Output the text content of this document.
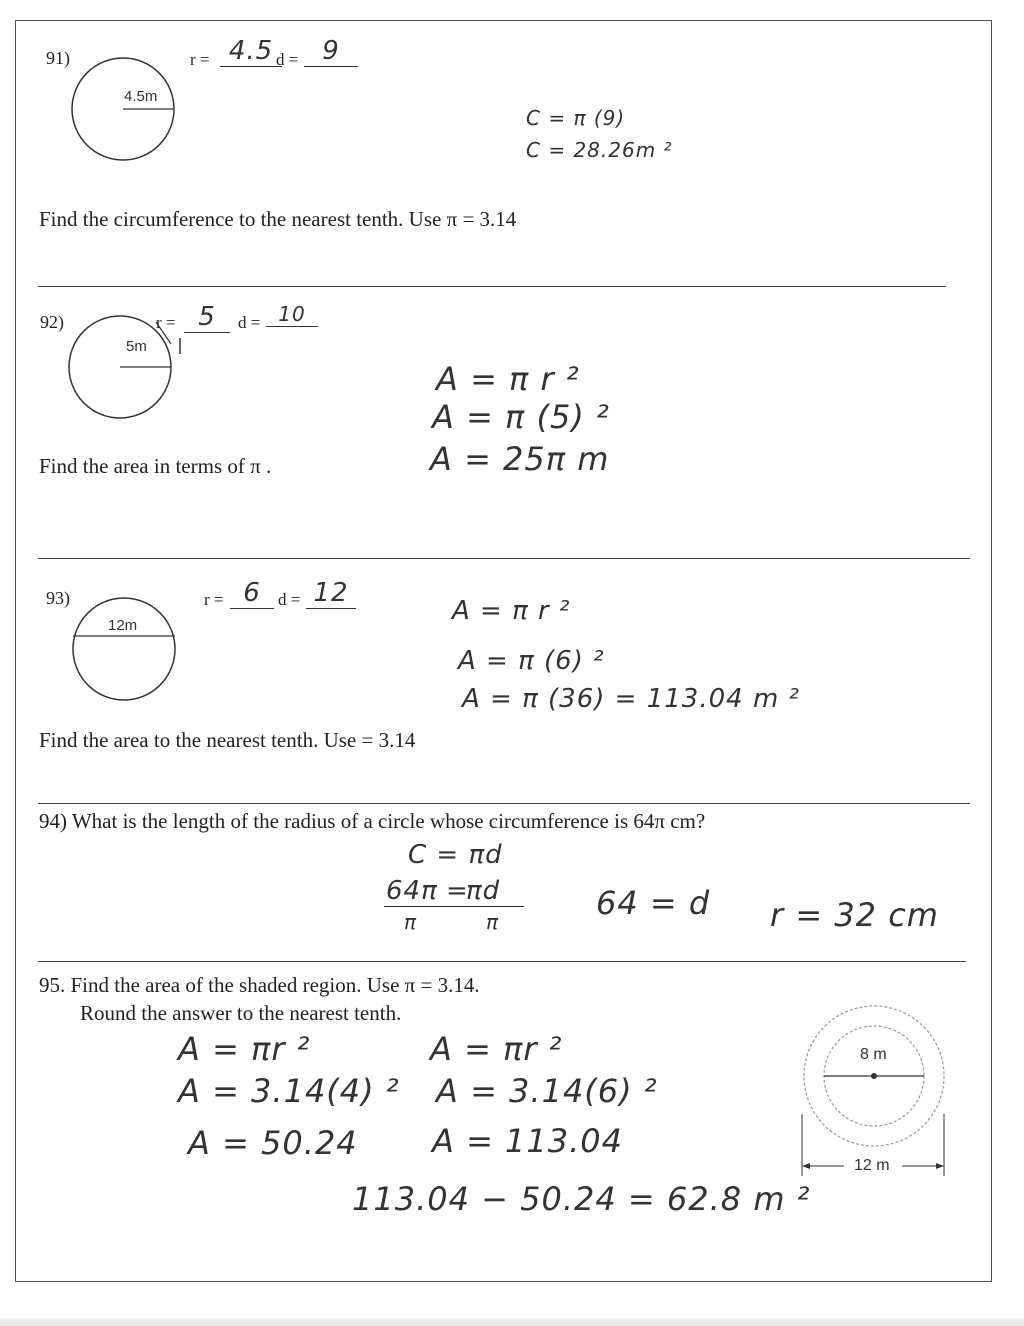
91)
4.5m
r = 4.5 d = 9
C = π (9)
C = 28.26m ²
Find the circumference to the nearest tenth. Use π = 3.14
92)
5m
r = 5	d = 10
A = π r ²
A = π (5) ²
A = 25π m
Find the area in terms of π .
93)
12m
r = 6	d = 12
A = π r ²
A = π (6) ²
A = π (36) = 113.04 m ²
Find the area to the nearest tenth. Use = 3.14
94) What is the length of the radius of a circle whose circumference is 64π cm?
C = πd
64π =
πd
π	π	64 = d r = 32 cm
95. Find the area of the shaded region. Use π = 3.14.
Round the answer to the nearest tenth.
A = πr ²
A = 3.14(4) ²
A = 50.24
A = πr ²
A = 3.14(6) ²
A = 113.04
113.04 − 50.24 = 62.8 m ²
8 m
12 m
